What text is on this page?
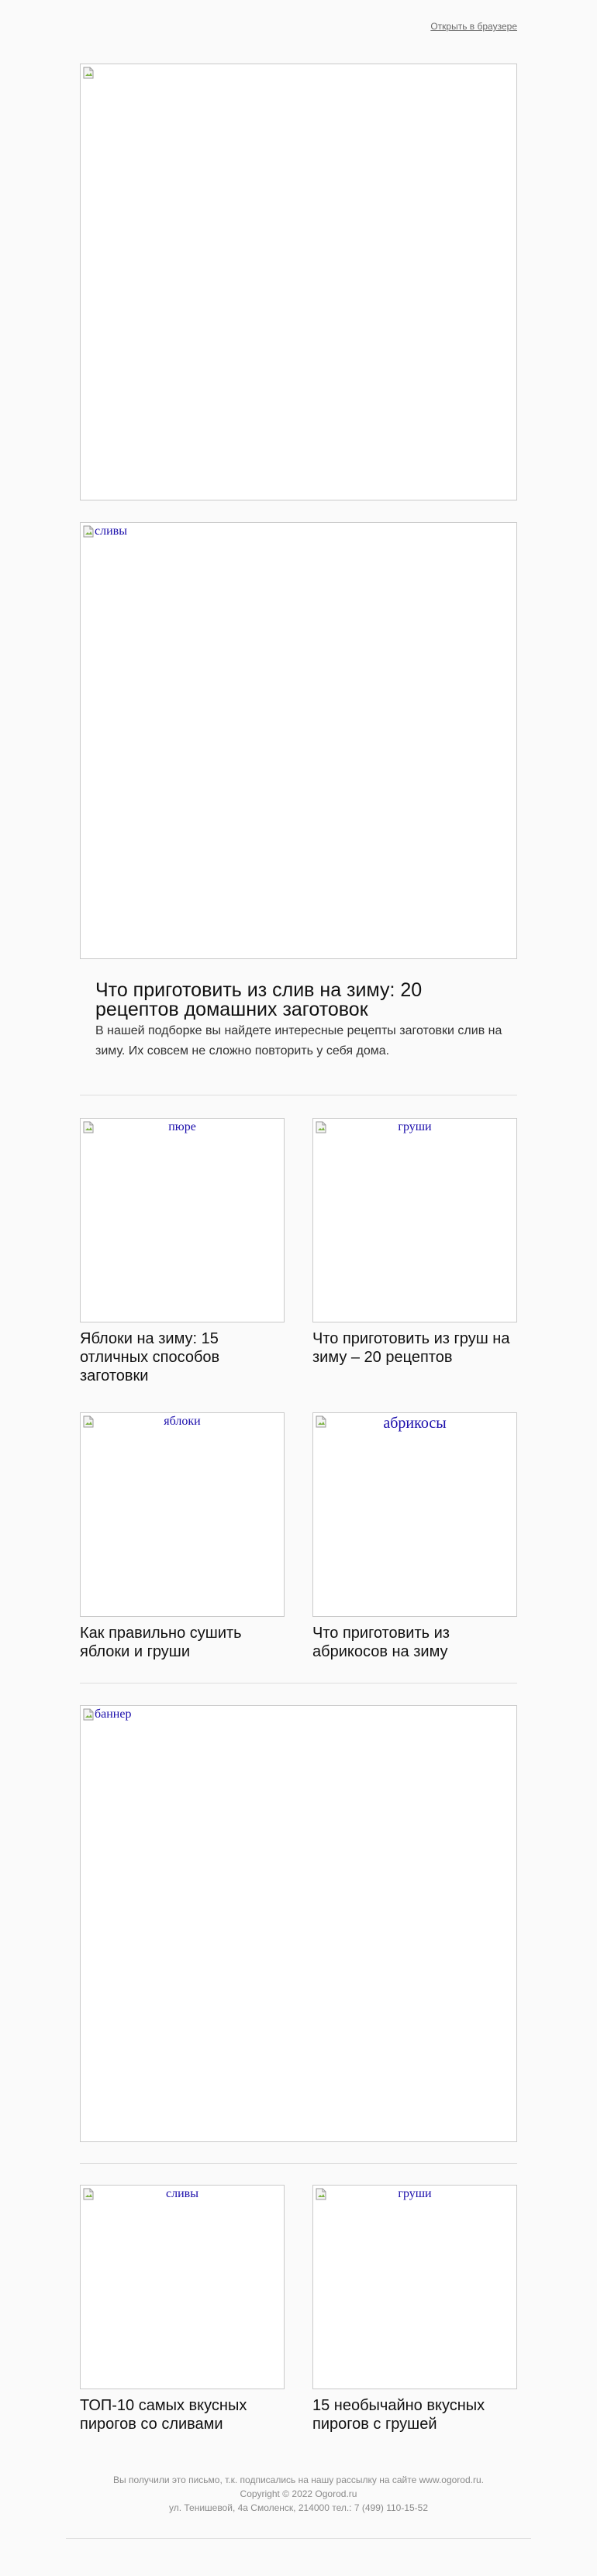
Открыть в браузере
сливы
Что приготовить из слив на зиму: 20 рецептов домашних заготовок
В нашей подборке вы найдете интересные рецепты заготовки слив на зиму. Их совсем не сложно повторить у себя дома.
пюре
Яблоки на зиму: 15 отличных способов заготовки
груши
Что приготовить из груш на зиму – 20 рецептов
яблоки
Как правильно сушить яблоки и груши
абрикосы
Что приготовить из абрикосов на зиму
баннер
сливы
ТОП-10 самых вкусных пирогов со сливами
груши
15 необычайно вкусных пирогов с грушей
Вы получили это письмо, т.к. подписались на нашу рассылку на сайте www.ogorod.ru.
Copyright © 2022 Ogorod.ru
ул. Тенишевой, 4а Смоленск, 214000 тел.: 7 (499) 110-15-52
